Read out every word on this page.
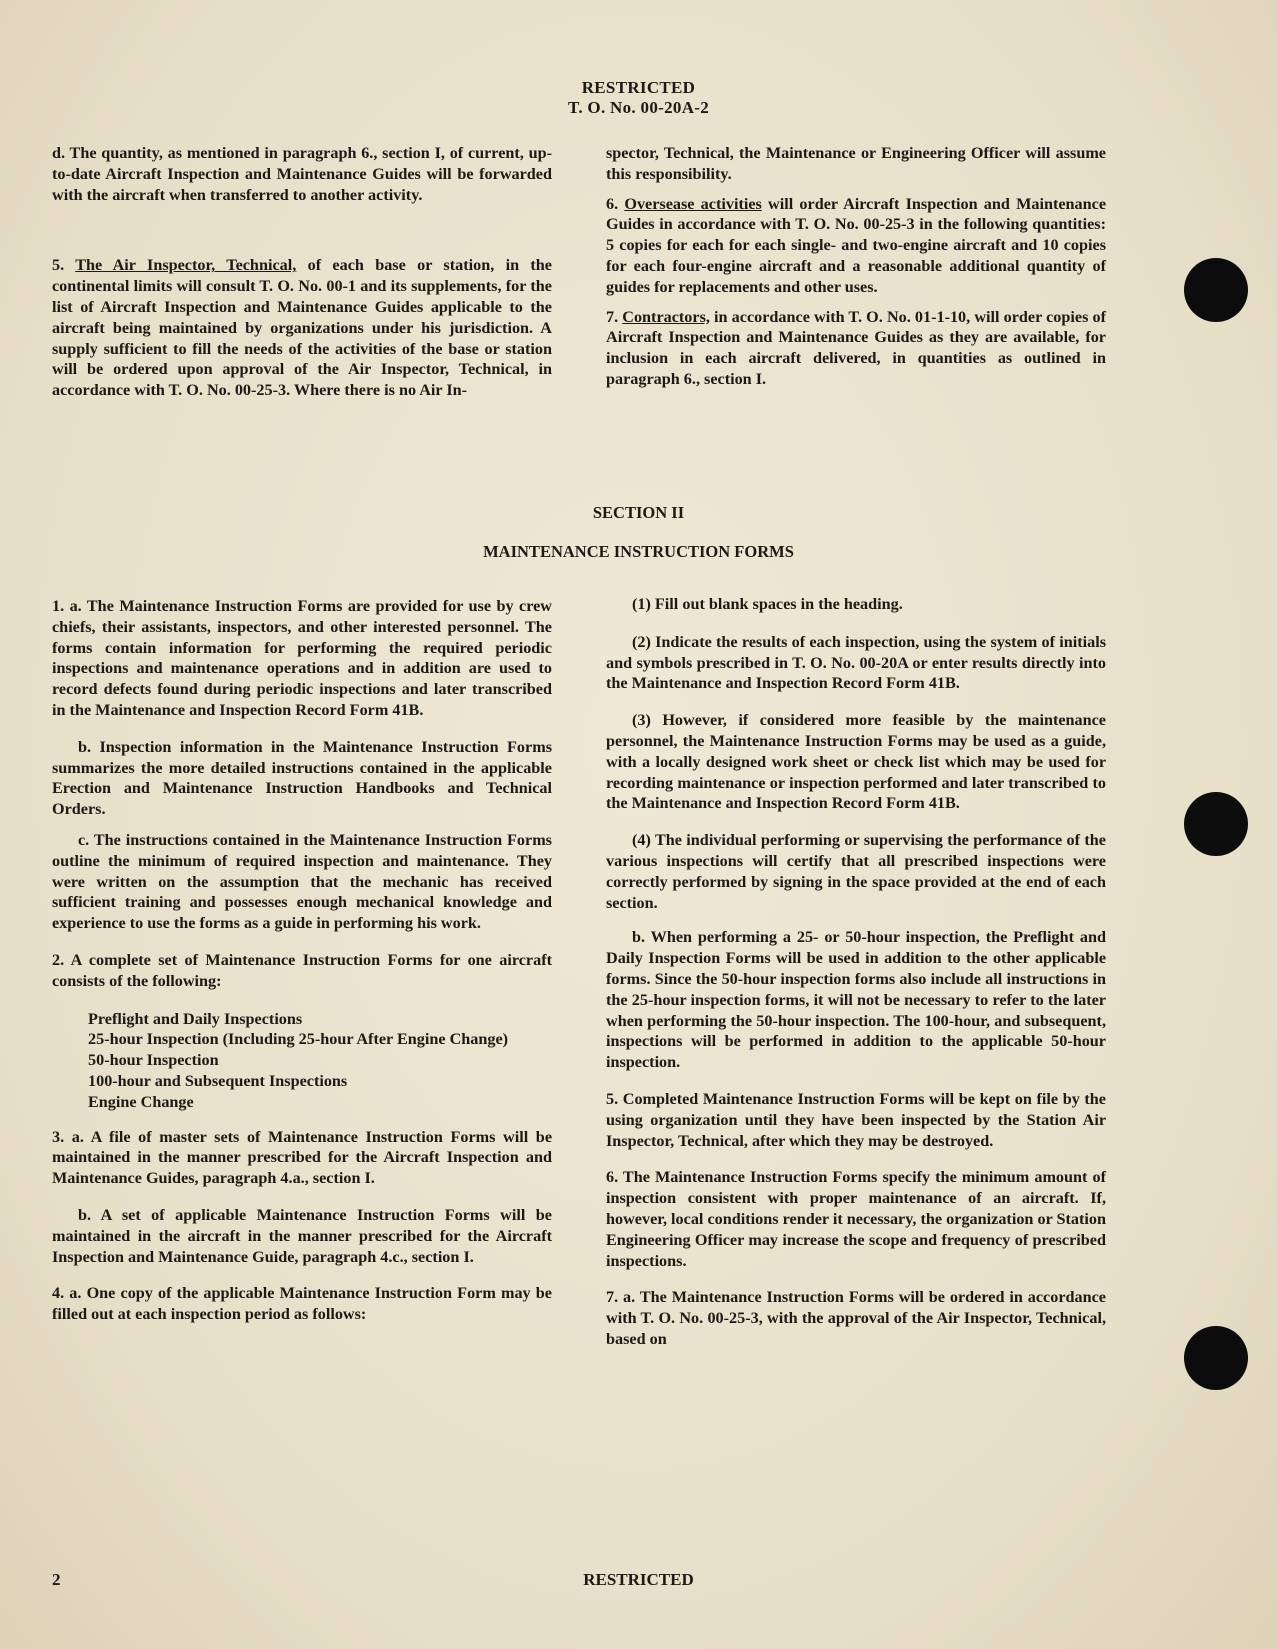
RESTRICTED
T. O. No. 00-20A-2

d. The quantity, as mentioned in paragraph 6., section I, of current, up-to-date Aircraft Inspection and Maintenance Guides will be forwarded with the aircraft when transferred to another activity.

5. The Air Inspector, Technical, of each base or station, in the continental limits will consult T. O. No. 00-1 and its supplements, for the list of Aircraft Inspection and Maintenance Guides applicable to the aircraft being maintained by organizations under his jurisdiction. A supply sufficient to fill the needs of the activities of the base or station will be ordered upon approval of the Air Inspector, Technical, in accordance with T. O. No. 00-25-3. Where there is no Air In-

spector, Technical, the Maintenance or Engineering Officer will assume this responsibility.

6. Oversease activities will order Aircraft Inspection and Maintenance Guides in accordance with T. O. No. 00-25-3 in the following quantities: 5 copies for each for each single- and two-engine aircraft and 10 copies for each four-engine aircraft and a reasonable additional quantity of guides for replacements and other uses.

7. Contractors, in accordance with T. O. No. 01-1-10, will order copies of Aircraft Inspection and Maintenance Guides as they are available, for inclusion in each aircraft delivered, in quantities as outlined in paragraph 6., section I.

SECTION II
MAINTENANCE INSTRUCTION FORMS

1. a. The Maintenance Instruction Forms are provided for use by crew chiefs, their assistants, inspectors, and other interested personnel. The forms contain information for performing the required periodic inspections and maintenance operations and in addition are used to record defects found during periodic inspections and later transcribed in the Maintenance and Inspection Record Form 41B.

b. Inspection information in the Maintenance Instruction Forms summarizes the more detailed instructions contained in the applicable Erection and Maintenance Instruction Handbooks and Technical Orders.

c. The instructions contained in the Maintenance Instruction Forms outline the minimum of required inspection and maintenance. They were written on the assumption that the mechanic has received sufficient training and possesses enough mechanical knowledge and experience to use the forms as a guide in performing his work.

2. A complete set of Maintenance Instruction Forms for one aircraft consists of the following:

Preflight and Daily Inspections
25-hour Inspection (Including 25-hour After Engine Change)
50-hour Inspection
100-hour and Subsequent Inspections
Engine Change

3. a. A file of master sets of Maintenance Instruction Forms will be maintained in the manner prescribed for the Aircraft Inspection and Maintenance Guides, paragraph 4.a., section I.

b. A set of applicable Maintenance Instruction Forms will be maintained in the aircraft in the manner prescribed for the Aircraft Inspection and Maintenance Guide, paragraph 4.c., section I.

4. a. One copy of the applicable Maintenance Instruction Form may be filled out at each inspection period as follows:

(1) Fill out blank spaces in the heading.

(2) Indicate the results of each inspection, using the system of initials and symbols prescribed in T. O. No. 00-20A or enter results directly into the Maintenance and Inspection Record Form 41B.

(3) However, if considered more feasible by the maintenance personnel, the Maintenance Instruction Forms may be used as a guide, with a locally designed work sheet or check list which may be used for recording maintenance or inspection performed and later transcribed to the Maintenance and Inspection Record Form 41B.

(4) The individual performing or supervising the performance of the various inspections will certify that all prescribed inspections were correctly performed by signing in the space provided at the end of each section.

b. When performing a 25- or 50-hour inspection, the Preflight and Daily Inspection Forms will be used in addition to the other applicable forms. Since the 50-hour inspection forms also include all instructions in the 25-hour inspection forms, it will not be necessary to refer to the later when performing the 50-hour inspection. The 100-hour, and subsequent, inspections will be performed in addition to the applicable 50-hour inspection.

5. Completed Maintenance Instruction Forms will be kept on file by the using organization until they have been inspected by the Station Air Inspector, Technical, after which they may be destroyed.

6. The Maintenance Instruction Forms specify the minimum amount of inspection consistent with proper maintenance of an aircraft. If, however, local conditions render it necessary, the organization or Station Engineering Officer may increase the scope and frequency of prescribed inspections.

7. a. The Maintenance Instruction Forms will be ordered in accordance with T. O. No. 00-25-3, with the approval of the Air Inspector, Technical, based on

2	RESTRICTED
